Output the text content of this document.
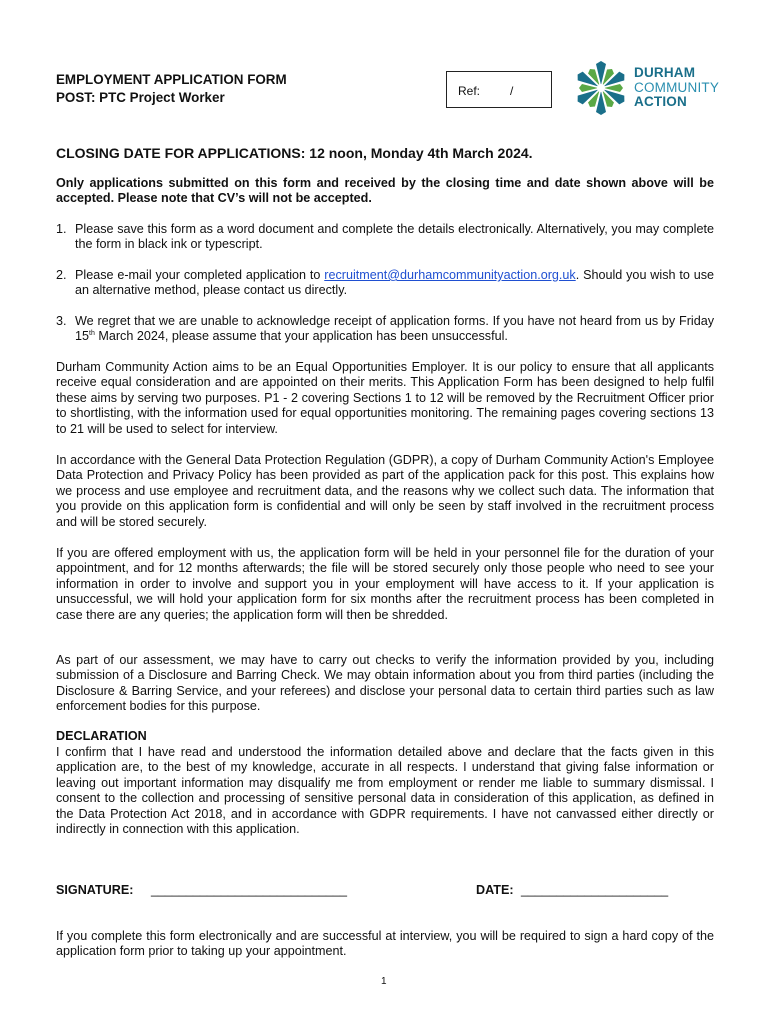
EMPLOYMENT APPLICATION FORM
POST: PTC Project Worker	Ref: /
DURHAM
COMMUNITY
ACTION
CLOSING DATE FOR APPLICATIONS: 12 noon, Monday 4th March 2024.
Only applications submitted on this form and received by the closing time and date shown above will be accepted. Please note that CV’s will not be accepted.
1. Please save this form as a word document and complete the details electronically. Alternatively, you may complete the form in black ink or typescript.
2. Please e-mail your completed application to recruitment@durhamcommunityaction.org.uk. Should you wish to use an alternative method, please contact us directly.
3. We regret that we are unable to acknowledge receipt of application forms. If you have not heard from us by Friday 15th March 2024, please assume that your application has been unsuccessful.
Durham Community Action aims to be an Equal Opportunities Employer. It is our policy to ensure that all applicants receive equal consideration and are appointed on their merits. This Application Form has been designed to help fulfil these aims by serving two purposes. P1 - 2 covering Sections 1 to 12 will be removed by the Recruitment Officer prior to shortlisting, with the information used for equal opportunities monitoring. The remaining pages covering sections 13 to 21 will be used to select for interview.
In accordance with the General Data Protection Regulation (GDPR), a copy of Durham Community Action's Employee Data Protection and Privacy Policy has been provided as part of the application pack for this post. This explains how we process and use employee and recruitment data, and the reasons why we collect such data. The information that you provide on this application form is confidential and will only be seen by staff involved in the recruitment process and will be stored securely.
If you are offered employment with us, the application form will be held in your personnel file for the duration of your appointment, and for 12 months afterwards; the file will be stored securely only those people who need to see your information in order to involve and support you in your employment will have access to it. If your application is unsuccessful, we will hold your application form for six months after the recruitment process has been completed in case there are any queries; the application form will then be shredded.
As part of our assessment, we may have to carry out checks to verify the information provided by you, including submission of a Disclosure and Barring Check. We may obtain information about you from third parties (including the Disclosure & Barring Service, and your referees) and disclose your personal data to certain third parties such as law enforcement bodies for this purpose.
DECLARATION
I confirm that I have read and understood the information detailed above and declare that the facts given in this application are, to the best of my knowledge, accurate in all respects. I understand that giving false information or leaving out important information may disqualify me from employment or render me liable to summary dismissal. I consent to the collection and processing of sensitive personal data in consideration of this application, as defined in the Data Protection Act 2018, and in accordance with GDPR requirements. I have not canvassed either directly or indirectly in connection with this application.
SIGNATURE: ____________________________	DATE: _____________________
If you complete this form electronically and are successful at interview, you will be required to sign a hard copy of the application form prior to taking up your appointment.
1
